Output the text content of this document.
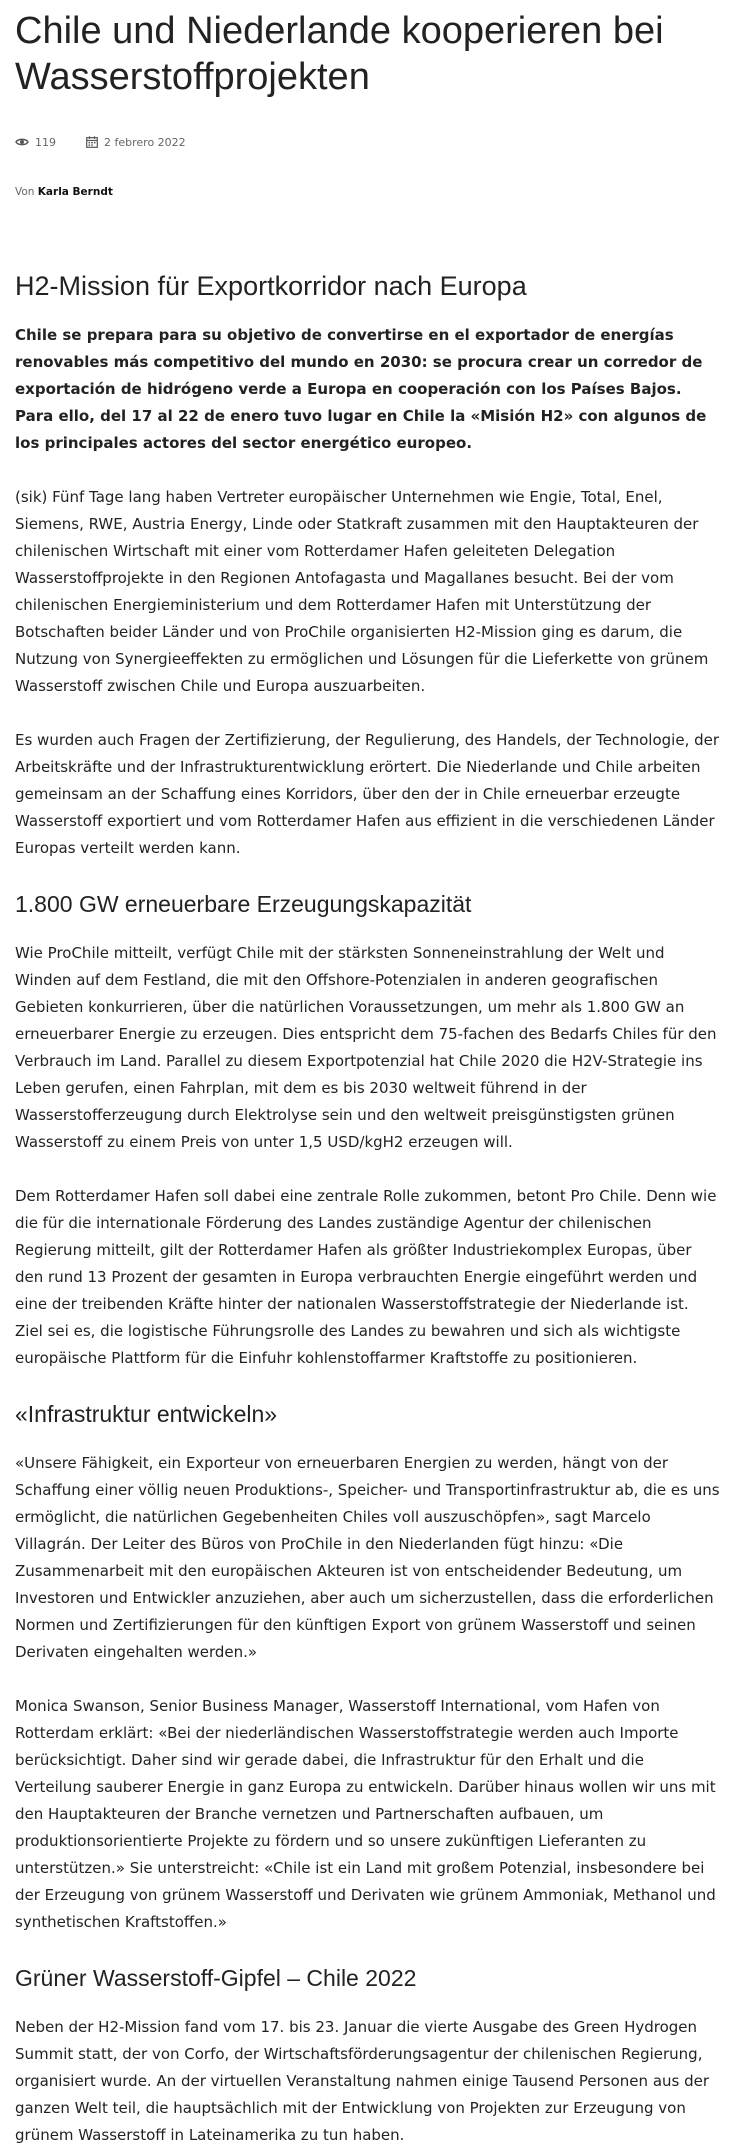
Chile und Niederlande kooperieren bei Wasserstoffprojekten
119	2 febrero 2022
Von Karla Berndt
H2-Mission für Exportkorridor nach Europa

Chile se prepara para su objetivo de convertirse en el exportador de energías renovables más competitivo del mundo en 2030: se procura crear un corredor de exportación de hidrógeno verde a Europa en cooperación con los Países Bajos. Para ello, del 17 al 22 de enero tuvo lugar en Chile la «Misión H2» con algunos de los principales actores del sector energético europeo.

(sik) Fünf Tage lang haben Vertreter europäischer Unternehmen wie Engie, Total, Enel, Siemens, RWE, Austria Energy, Linde oder Statkraft zusammen mit den Hauptakteuren der chilenischen Wirtschaft mit einer vom Rotterdamer Hafen geleiteten Delegation Wasserstoffprojekte in den Regionen Antofagasta und Magallanes besucht. Bei der vom chilenischen Energieministerium und dem Rotterdamer Hafen mit Unterstützung der Botschaften beider Länder und von ProChile organisierten H2-Mission ging es darum, die Nutzung von Synergieeffekten zu ermöglichen und Lösungen für die Lieferkette von grünem Wasserstoff zwischen Chile und Europa auszuarbeiten.

Es wurden auch Fragen der Zertifizierung, der Regulierung, des Handels, der Technologie, der Arbeitskräfte und der Infrastrukturentwicklung erörtert. Die Niederlande und Chile arbeiten gemeinsam an der Schaffung eines Korridors, über den der in Chile erneuerbar erzeugte Wasserstoff exportiert und vom Rotterdamer Hafen aus effizient in die verschiedenen Länder Europas verteilt werden kann.

1.800 GW erneuerbare Erzeugungskapazität

Wie ProChile mitteilt, verfügt Chile mit der stärksten Sonneneinstrahlung der Welt und Winden auf dem Festland, die mit den Offshore-Potenzialen in anderen geografischen Gebieten konkurrieren, über die natürlichen Voraussetzungen, um mehr als 1.800 GW an erneuerbarer Energie zu erzeugen. Dies entspricht dem 75-fachen des Bedarfs Chiles für den Verbrauch im Land. Parallel zu diesem Exportpotenzial hat Chile 2020 die H2V-Strategie ins Leben gerufen, einen Fahrplan, mit dem es bis 2030 weltweit führend in der Wasserstofferzeugung durch Elektrolyse sein und den weltweit preisgünstigsten grünen Wasserstoff zu einem Preis von unter 1,5 USD/kgH2 erzeugen will.

Dem Rotterdamer Hafen soll dabei eine zentrale Rolle zukommen, betont Pro Chile. Denn wie die für die internationale Förderung des Landes zuständige Agentur der chilenischen Regierung mitteilt, gilt der Rotterdamer Hafen als größter Industriekomplex Europas, über den rund 13 Prozent der gesamten in Europa verbrauchten Energie eingeführt werden und eine der treibenden Kräfte hinter der nationalen Wasserstoffstrategie der Niederlande ist. Ziel sei es, die logistische Führungsrolle des Landes zu bewahren und sich als wichtigste europäische Plattform für die Einfuhr kohlenstoffarmer Kraftstoffe zu positionieren.

«Infrastruktur entwickeln»

«Unsere Fähigkeit, ein Exporteur von erneuerbaren Energien zu werden, hängt von der Schaffung einer völlig neuen Produktions-, Speicher- und Transportinfrastruktur ab, die es uns ermöglicht, die natürlichen Gegebenheiten Chiles voll auszuschöpfen», sagt Marcelo Villagrán. Der Leiter des Büros von ProChile in den Niederlanden fügt hinzu: «Die Zusammenarbeit mit den europäischen Akteuren ist von entscheidender Bedeutung, um Investoren und Entwickler anzuziehen, aber auch um sicherzustellen, dass die erforderlichen Normen und Zertifizierungen für den künftigen Export von grünem Wasserstoff und seinen Derivaten eingehalten werden.»

Monica Swanson, Senior Business Manager, Wasserstoff International, vom Hafen von Rotterdam erklärt: «Bei der niederländischen Wasserstoffstrategie werden auch Importe berücksichtigt. Daher sind wir gerade dabei, die Infrastruktur für den Erhalt und die Verteilung sauberer Energie in ganz Europa zu entwickeln. Darüber hinaus wollen wir uns mit den Hauptakteuren der Branche vernetzen und Partnerschaften aufbauen, um produktionsorientierte Projekte zu fördern und so unsere zukünftigen Lieferanten zu unterstützen.» Sie unterstreicht: «Chile ist ein Land mit großem Potenzial, insbesondere bei der Erzeugung von grünem Wasserstoff und Derivaten wie grünem Ammoniak, Methanol und synthetischen Kraftstoffen.»

Grüner Wasserstoff-Gipfel – Chile 2022

Neben der H2-Mission fand vom 17. bis 23. Januar die vierte Ausgabe des Green Hydrogen Summit statt, der von Corfo, der Wirtschaftsförderungsagentur der chilenischen Regierung, organisiert wurde. An der virtuellen Veranstaltung nahmen einige Tausend Personen aus der ganzen Welt teil, die hauptsächlich mit der Entwicklung von Projekten zur Erzeugung von grünem Wasserstoff in Lateinamerika zu tun haben.
